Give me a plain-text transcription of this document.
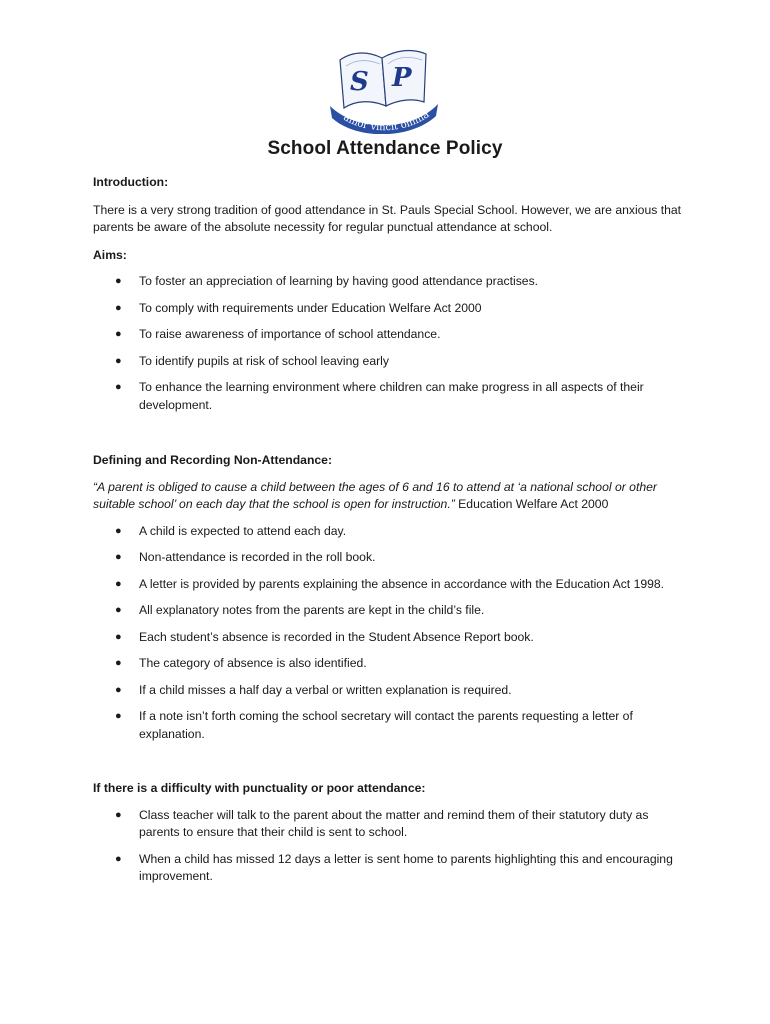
S P
amor vincit omnia
School Attendance Policy

Introduction:

There is a very strong tradition of good attendance in St. Pauls Special School. However, we are anxious that parents be aware of the absolute necessity for regular punctual attendance at school.

Aims:

● To foster an appreciation of learning by having good attendance practises.
● To comply with requirements under Education Welfare Act 2000
● To raise awareness of importance of school attendance.
● To identify pupils at risk of school leaving early
● To enhance the learning environment where children can make progress in all aspects of their development.

Defining and Recording Non-Attendance:

“A parent is obliged to cause a child between the ages of 6 and 16 to attend at ‘a national school or other suitable school’ on each day that the school is open for instruction.” Education Welfare Act 2000

● A child is expected to attend each day.
● Non-attendance is recorded in the roll book.
● A letter is provided by parents explaining the absence in accordance with the Education Act 1998.
● All explanatory notes from the parents are kept in the child’s file.
● Each student’s absence is recorded in the Student Absence Report book.
● The category of absence is also identified.
● If a child misses a half day a verbal or written explanation is required.
● If a note isn’t forth coming the school secretary will contact the parents requesting a letter of explanation.

If there is a difficulty with punctuality or poor attendance:

● Class teacher will talk to the parent about the matter and remind them of their statutory duty as parents to ensure that their child is sent to school.
● When a child has missed 12 days a letter is sent home to parents highlighting this and encouraging improvement.
